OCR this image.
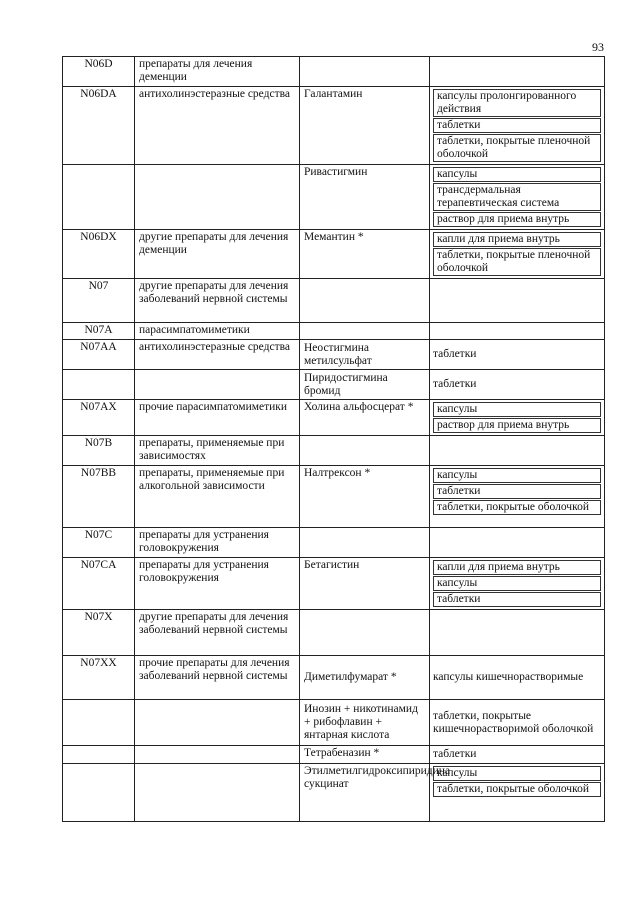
93
N06D	препараты для лечения деменции		
N06DA	антихолинэстеразные средства	Галантамин	капсулы пролонгированного действия
таблетки
таблетки, покрытые пленочной оболочкой

		Ривастигмин	капсулы
трансдермальная терапевтическая система
раствор для приема внутрь

N06DX	другие препараты для лечения деменции	Мемантин *	капли для приема внутрь
таблетки, покрытые пленочной оболочкой

N07	другие препараты для лечения заболеваний нервной системы		
N07A	парасимпатомиметики		
N07AA	антихолинэстеразные средства	Неостигмина метилсульфат	таблетки
		Пиридостигмина бромид	таблетки
N07AX	прочие парасимпатомиметики	Холина альфосцерат *	капсулы
раствор для приема внутрь

N07B	препараты, применяемые при зависимостях		
N07BB	препараты, применяемые при алкогольной зависимости	Налтрексон *	капсулы
таблетки
таблетки, покрытые оболочкой

N07C	препараты для устранения головокружения		
N07CA	препараты для устранения головокружения	Бетагистин	капли для приема внутрь
капсулы
таблетки

N07X	другие препараты для лечения заболеваний нервной системы		
N07XX	прочие препараты для лечения заболеваний нервной системы	Диметилфумарат *	капсулы кишечнорастворимые
		Инозин + никотинамид + рибофлавин + янтарная кислота	таблетки, покрытые кишечнорастворимой оболочкой
		Тетрабеназин *	таблетки
		Этилметилгидроксипиридина сукцинат	капсулы
таблетки, покрытые оболочкой
